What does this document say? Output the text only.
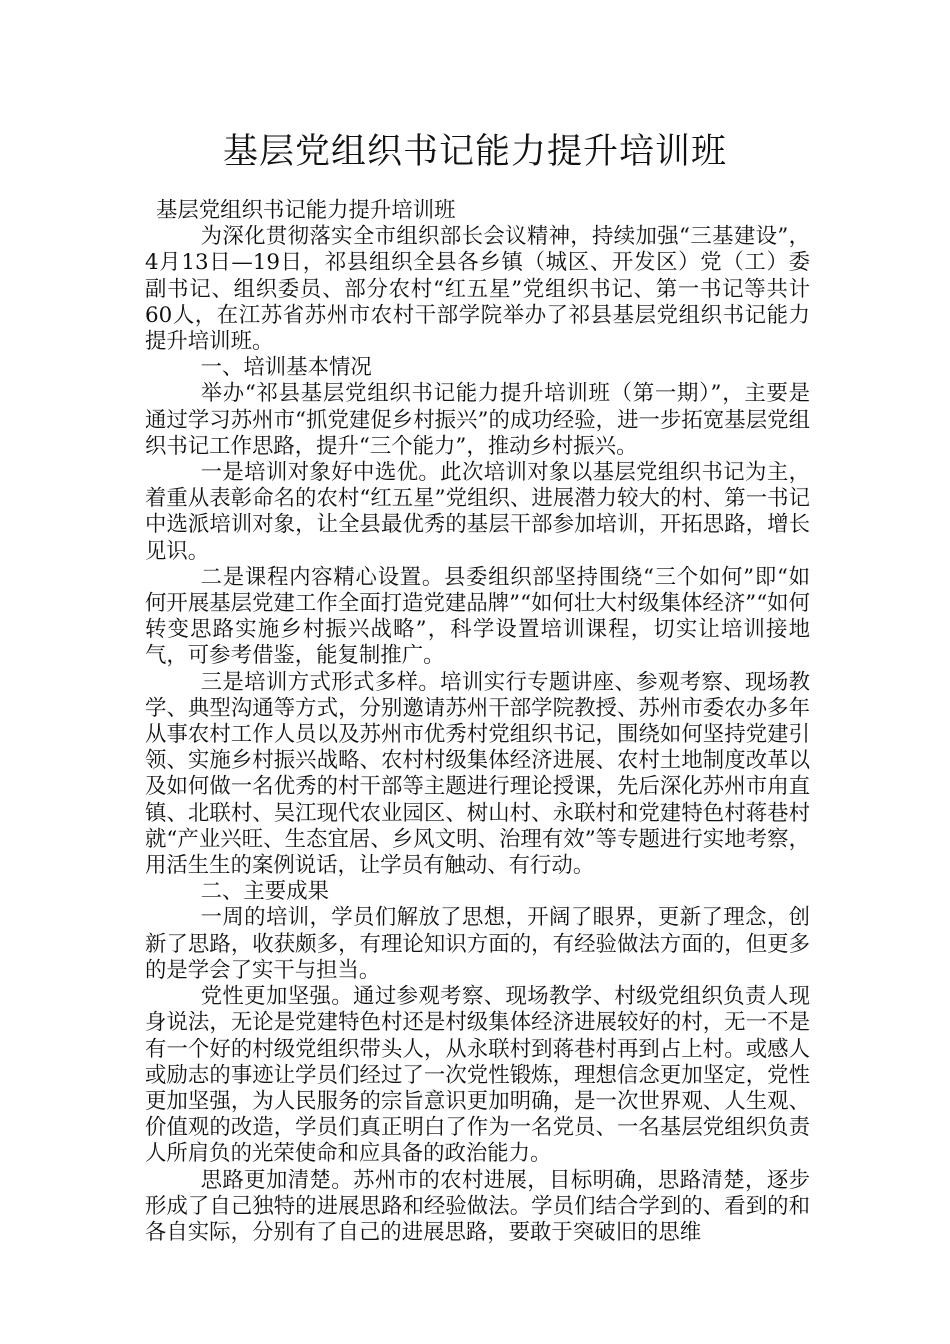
基层党组织书记能力提升培训班

基层党组织书记能力提升培训班

为深化贯彻落实全市组织部长会议精神，持续加强“三基建设”，4月13日—19日，祁县组织全县各乡镇（城区、开发区）党（工）委副书记、组织委员、部分农村“红五星”党组织书记、第一书记等共计60人，在江苏省苏州市农村干部学院举办了祁县基层党组织书记能力提升培训班。

一、培训基本情况

举办“祁县基层党组织书记能力提升培训班（第一期）”，主要是通过学习苏州市“抓党建促乡村振兴”的成功经验，进一步拓宽基层党组织书记工作思路，提升“三个能力”，推动乡村振兴。

一是培训对象好中选优。此次培训对象以基层党组织书记为主，着重从表彰命名的农村“红五星”党组织、进展潜力较大的村、第一书记中选派培训对象，让全县最优秀的基层干部参加培训，开拓思路，增长见识。

二是课程内容精心设置。县委组织部坚持围绕“三个如何”即“如何开展基层党建工作全面打造党建品牌”“如何壮大村级集体经济”“如何转变思路实施乡村振兴战略”，科学设置培训课程，切实让培训接地气，可参考借鉴，能复制推广。

三是培训方式形式多样。培训实行专题讲座、参观考察、现场教学、典型沟通等方式，分别邀请苏州干部学院教授、苏州市委农办多年从事农村工作人员以及苏州市优秀村党组织书记，围绕如何坚持党建引领、实施乡村振兴战略、农村村级集体经济进展、农村土地制度改革以及如何做一名优秀的村干部等主题进行理论授课，先后深化苏州市甪直镇、北联村、吴江现代农业园区、树山村、永联村和党建特色村蒋巷村就“产业兴旺、生态宜居、乡风文明、治理有效”等专题进行实地考察，用活生生的案例说话，让学员有触动、有行动。

二、主要成果

一周的培训，学员们解放了思想，开阔了眼界，更新了理念，创新了思路，收获颇多，有理论知识方面的，有经验做法方面的，但更多的是学会了实干与担当。

党性更加坚强。通过参观考察、现场教学、村级党组织负责人现身说法，无论是党建特色村还是村级集体经济进展较好的村，无一不是有一个好的村级党组织带头人，从永联村到蒋巷村再到占上村。或感人或励志的事迹让学员们经过了一次党性锻炼，理想信念更加坚定，党性更加坚强，为人民服务的宗旨意识更加明确，是一次世界观、人生观、价值观的改造，学员们真正明白了作为一名党员、一名基层党组织负责人所肩负的光荣使命和应具备的政治能力。

思路更加清楚。苏州市的农村进展，目标明确，思路清楚，逐步形成了自己独特的进展思路和经验做法。学员们结合学到的、看到的和各自实际，分别有了自己的进展思路，要敢于突破旧的思维
